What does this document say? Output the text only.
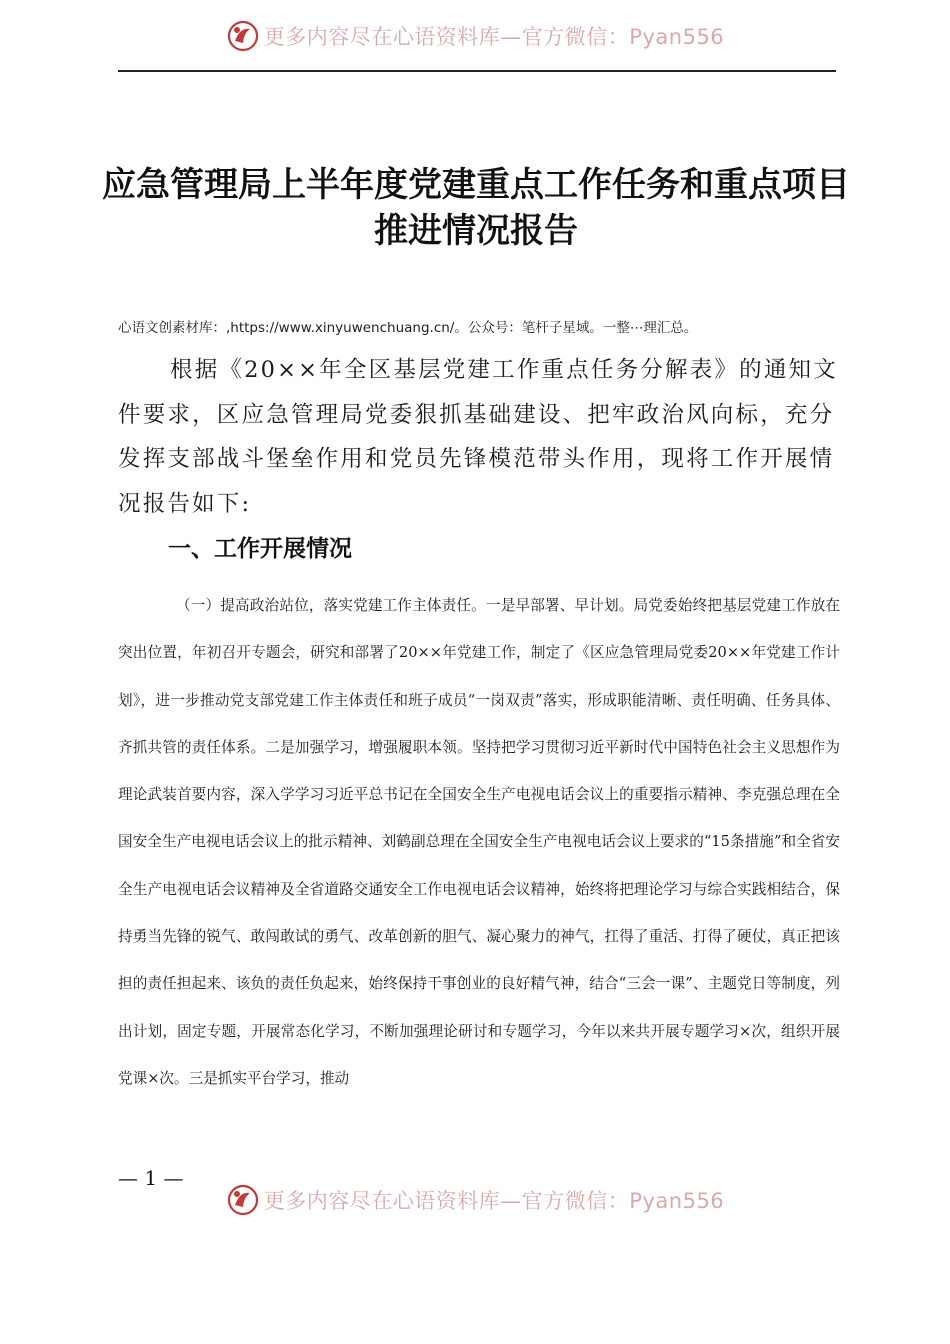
更多内容尽在心语资料库—官方微信：Pyan556
应急管理局上半年度党建重点工作任务和重点项目推进情况报告
心语文创素材库：,https://www.xinyuwenchuang.cn/。公众号：笔杆子星域。一整⋯理汇总。

根据《20××年全区基层党建工作重点任务分解表》的通知文件要求，区应急管理局党委狠抓基础建设、把牢政治风向标，充分发挥支部战斗堡垒作用和党员先锋模范带头作用，现将工作开展情况报告如下:

一、工作开展情况

（一）提高政治站位，落实党建工作主体责任。一是早部署、早计划。局党委始终把基层党建工作放在突出位置，年初召开专题会，研究和部署了20××年党建工作，制定了《区应急管理局党委20××年党建工作计划》，进一步推动党支部党建工作主体责任和班子成员“一岗双责”落实，形成职能清晰、责任明确、任务具体、齐抓共管的责任体系。二是加强学习，增强履职本领。坚持把学习贯彻习近平新时代中国特色社会主义思想作为理论武装首要内容，深入学学习习近平总书记在全国安全生产电视电话会议上的重要指示精神、李克强总理在全国安全生产电视电话会议上的批示精神、刘鹤副总理在全国安全生产电视电话会议上要求的“15条措施”和全省安全生产电视电话会议精神及全省道路交通安全工作电视电话会议精神，始终将把理论学习与综合实践相结合，保持勇当先锋的锐气、敢闯敢试的勇气、改革创新的胆气、凝心聚力的神气，扛得了重活、打得了硬仗，真正把该担的责任担起来、该负的责任负起来，始终保持干事创业的良好精气神，结合“三会一课”、主题党日等制度，列出计划，固定专题，开展常态化学习，不断加强理论研讨和专题学习，今年以来共开展专题学习×次，组织开展党课×次。三是抓实平台学习，推动

— 1 —
更多内容尽在心语资料库—官方微信：Pyan556
